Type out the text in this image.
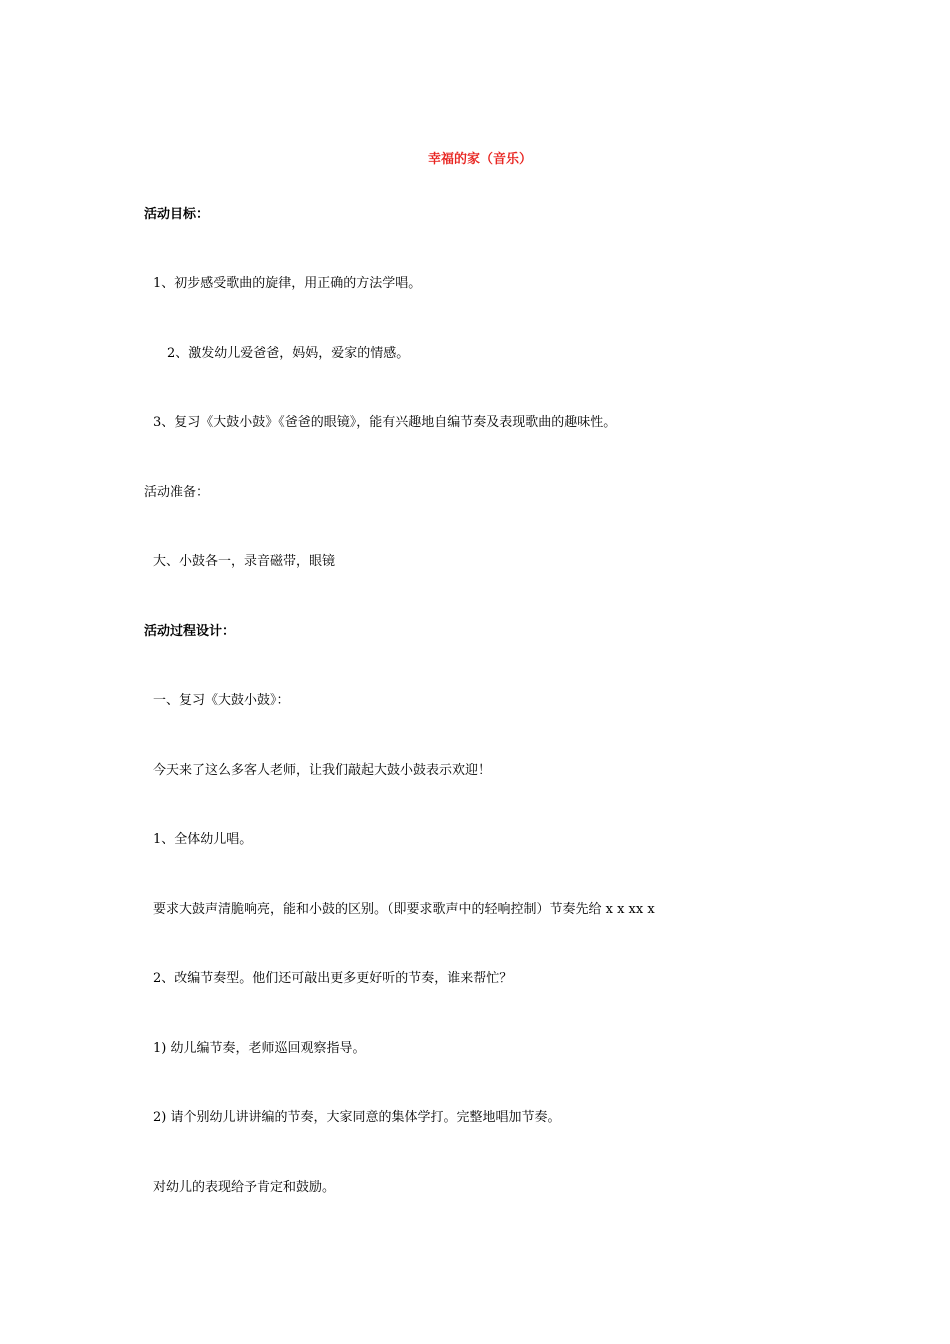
幸福的家（音乐）
活动目标：
1、初步感受歌曲的旋律，用正确的方法学唱。
2、激发幼儿爱爸爸，妈妈，爱家的情感。
3、复习《大鼓小鼓》《爸爸的眼镜》，能有兴趣地自编节奏及表现歌曲的趣味性。
活动准备：
大、小鼓各一，录音磁带，眼镜
活动过程设计：
一、复习《大鼓小鼓》：
今天来了这么多客人老师，让我们敲起大鼓小鼓表示欢迎！
1、全体幼儿唱。
要求大鼓声清脆响亮，能和小鼓的区别。（即要求歌声中的轻响控制）节奏先给 x x xx x
2、改编节奏型。他们还可敲出更多更好听的节奏，谁来帮忙？
1) 幼儿编节奏，老师巡回观察指导。
2) 请个别幼儿讲讲编的节奏，大家同意的集体学打。完整地唱加节奏。
对幼儿的表现给予肯定和鼓励。
